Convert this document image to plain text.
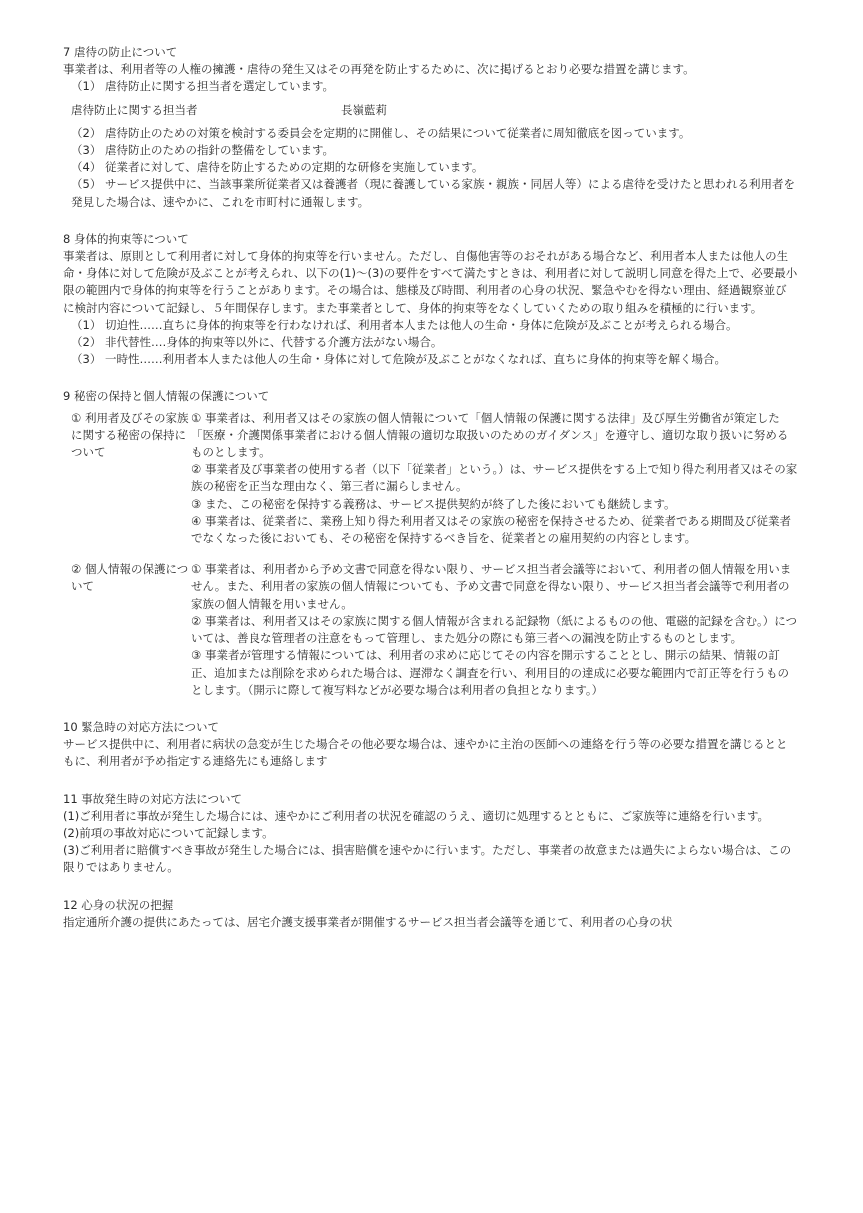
7 虐待の防止について

事業者は、利用者等の人権の擁護・虐待の発生又はその再発を防止するために、次に掲げるとおり必要な措置を講じます。

（1） 虐待防止に関する担当者を選定しています。

虐待防止に関する担当者	長嶺藍莉

（2） 虐待防止のための対策を検討する委員会を定期的に開催し、その結果について従業者に周知徹底を図っています。

（3） 虐待防止のための指針の整備をしています。

（4） 従業者に対して、虐待を防止するための定期的な研修を実施しています。

（5） サービス提供中に、当該事業所従業者又は養護者（現に養護している家族・親族・同居人等）による虐待を受けたと思われる利用者を発見した場合は、速やかに、これを市町村に通報します。

8 身体的拘束等について

事業者は、原則として利用者に対して身体的拘束等を行いません。ただし、自傷他害等のおそれがある場合など、利用者本人または他人の生命・身体に対して危険が及ぶことが考えられ、以下の(1)～(3)の要件をすべて満たすときは、利用者に対して説明し同意を得た上で、必要最小限の範囲内で身体的拘束等を行うことがあります。その場合は、態様及び時間、利用者の心身の状況、緊急やむを得ない理由、経過観察並びに検討内容について記録し、５年間保存します。また事業者として、身体的拘束等をなくしていくための取り組みを積極的に行います。

（1） 切迫性……直ちに身体的拘束等を行わなければ、利用者本人または他人の生命・身体に危険が及ぶことが考えられる場合。

（2） 非代替性‥‥身体的拘束等以外に、代替する介護方法がない場合。

（3） 一時性……利用者本人または他人の生命・身体に対して危険が及ぶことがなくなれば、直ちに身体的拘束等を解く場合。

9 秘密の保持と個人情報の保護について

① 利用者及びその家族に関する秘密の保持について

① 事業者は、利用者又はその家族の個人情報について「個人情報の保護に関する法律」及び厚生労働省が策定した「医療・介護関係事業者における個人情報の適切な取扱いのためのガイダンス」を遵守し、適切な取り扱いに努めるものとします。

② 事業者及び事業者の使用する者（以下「従業者」という。）は、サービス提供をする上で知り得た利用者又はその家族の秘密を正当な理由なく、第三者に漏らしません。

③ また、この秘密を保持する義務は、サービス提供契約が終了した後においても継続します。

④ 事業者は、従業者に、業務上知り得た利用者又はその家族の秘密を保持させるため、従業者である期間及び従業者でなくなった後においても、その秘密を保持するべき旨を、従業者との雇用契約の内容とします。

② 個人情報の保護について

① 事業者は、利用者から予め文書で同意を得ない限り、サービス担当者会議等において、利用者の個人情報を用いません。また、利用者の家族の個人情報についても、予め文書で同意を得ない限り、サービス担当者会議等で利用者の家族の個人情報を用いません。

② 事業者は、利用者又はその家族に関する個人情報が含まれる記録物（紙によるものの他、電磁的記録を含む。）については、善良な管理者の注意をもって管理し、また処分の際にも第三者への漏洩を防止するものとします。

③ 事業者が管理する情報については、利用者の求めに応じてその内容を開示することとし、開示の結果、情報の訂正、追加または削除を求められた場合は、遅滞なく調査を行い、利用目的の達成に必要な範囲内で訂正等を行うものとします。（開示に際して複写料などが必要な場合は利用者の負担となります。）

10 緊急時の対応方法について

サービス提供中に、利用者に病状の急変が生じた場合その他必要な場合は、速やかに主治の医師への連絡を行う等の必要な措置を講じるとともに、利用者が予め指定する連絡先にも連絡します

11 事故発生時の対応方法について

(1)ご利用者に事故が発生した場合には、速やかにご利用者の状況を確認のうえ、適切に処理するとともに、ご家族等に連絡を行います。

(2)前項の事故対応について記録します。

(3)ご利用者に賠償すべき事故が発生した場合には、損害賠償を速やかに行います。ただし、事業者の故意または過失によらない場合は、この限りではありません。

12 心身の状況の把握

指定通所介護の提供にあたっては、居宅介護支援事業者が開催するサービス担当者会議等を通じて、利用者の心身の状
